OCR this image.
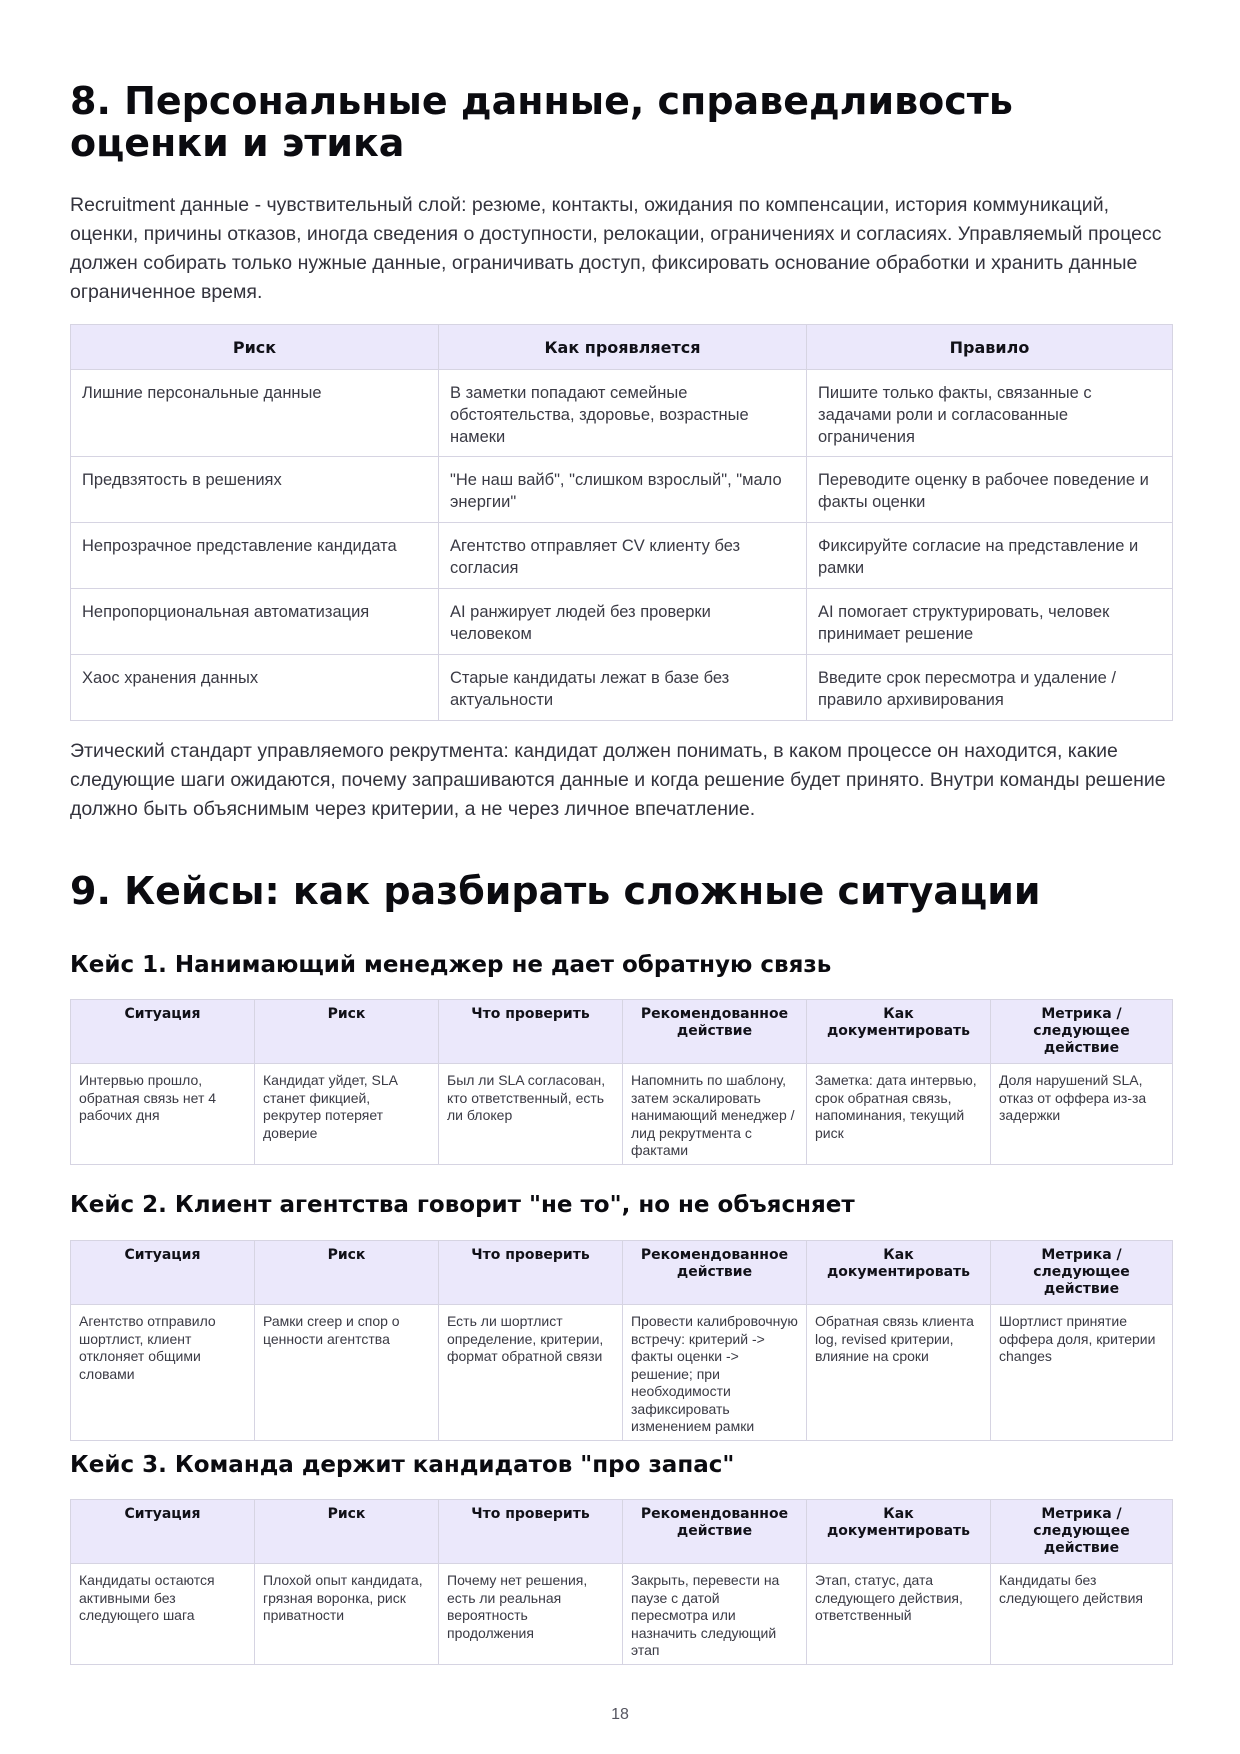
8. Персональные данные, справедливость оценки и этика

Recruitment данные - чувствительный слой: резюме, контакты, ожидания по компенсации, история коммуникаций, оценки, причины отказов, иногда сведения о доступности, релокации, ограничениях и согласиях. Управляемый процесс должен собирать только нужные данные, ограничивать доступ, фиксировать основание обработки и хранить данные ограниченное время.

Риск	Как проявляется	Правило
Лишние персональные данные	В заметки попадают семейные обстоятельства, здоровье, возрастные намеки	Пишите только факты, связанные с задачами роли и согласованные ограничения
Предвзятость в решениях	"Не наш вайб", "слишком взрослый", "мало энергии"	Переводите оценку в рабочее поведение и факты оценки
Непрозрачное представление кандидата	Агентство отправляет CV клиенту без согласия	Фиксируйте согласие на представление и рамки
Непропорциональная автоматизация	AI ранжирует людей без проверки человеком	AI помогает структурировать, человек принимает решение
Хаос хранения данных	Старые кандидаты лежат в базе без актуальности	Введите срок пересмотра и удаление / правило архивирования

Этический стандарт управляемого рекрутмента: кандидат должен понимать, в каком процессе он находится, какие следующие шаги ожидаются, почему запрашиваются данные и когда решение будет принято. Внутри команды решение должно быть объяснимым через критерии, а не через личное впечатление.

9. Кейсы: как разбирать сложные ситуации
Кейс 1. Нанимающий менеджер не дает обратную связь
Ситуация	Риск	Что проверить	Рекомендованное действие	Как документировать	Метрика / следующее действие
Интервью прошло, обратная связь нет 4 рабочих дня	Кандидат уйдет, SLA станет фикцией, рекрутер потеряет доверие	Был ли SLA согласован, кто ответственный, есть ли блокер	Напомнить по шаблону, затем эскалировать нанимающий менеджер / лид рекрутмента с фактами	Заметка: дата интервью, срок обратная связь, напоминания, текущий риск	Доля нарушений SLA, отказ от оффера из-за задержки
Кейс 2. Клиент агентства говорит "не то", но не объясняет
Ситуация	Риск	Что проверить	Рекомендованное действие	Как документировать	Метрика / следующее действие
Агентство отправило шортлист, клиент отклоняет общими словами	Рамки creep и спор о ценности агентства	Есть ли шортлист определение, критерии, формат обратной связи	Провести калибровочную встречу: критерий -> факты оценки -> решение; при необходимости зафиксировать изменением рамки	Обратная связь клиента log, revised критерии, влияние на сроки	Шортлист принятие оффера доля, критерии changes
Кейс 3. Команда держит кандидатов "про запас"
Ситуация	Риск	Что проверить	Рекомендованное действие	Как документировать	Метрика / следующее действие
Кандидаты остаются активными без следующего шага	Плохой опыт кандидата, грязная воронка, риск приватности	Почему нет решения, есть ли реальная вероятность продолжения	Закрыть, перевести на паузе с датой пересмотра или назначить следующий этап	Этап, статус, дата следующего действия, ответственный	Кандидаты без следующего действия
18
